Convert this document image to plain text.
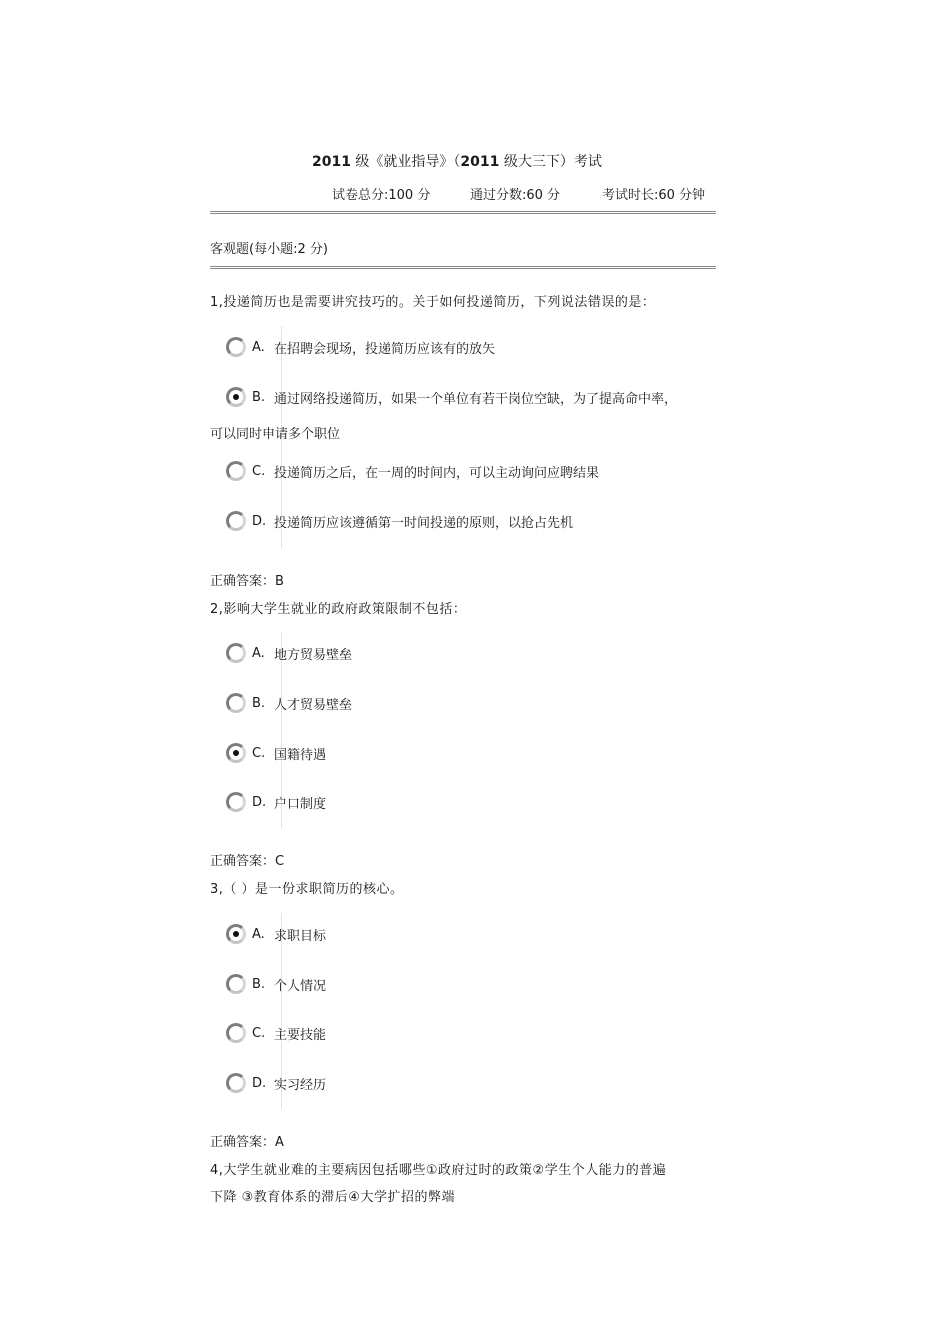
2011 级《就业指导》（2011 级大三下）考试
试卷总分:100 分	通过分数:60 分	考试时长:60 分钟
客观题(每小题:2 分)
1,投递简历也是需要讲究技巧的。关于如何投递简历，下列说法错误的是：
A. 在招聘会现场，投递简历应该有的放矢
B. 通过网络投递简历，如果一个单位有若干岗位空缺，为了提高命中率，
可以同时申请多个职位
C. 投递简历之后，在一周的时间内，可以主动询问应聘结果
D. 投递简历应该遵循第一时间投递的原则，以抢占先机
正确答案：B
2,影响大学生就业的政府政策限制不包括：
A. 地方贸易壁垒
B. 人才贸易壁垒
C. 国籍待遇
D. 户口制度
正确答案：C
3,（ ）是一份求职简历的核心。
A. 求职目标
B. 个人情况
C. 主要技能
D. 实习经历
正确答案：A
4,大学生就业难的主要病因包括哪些①政府过时的政策②学生个人能力的普遍
下降 ③教育体系的滞后④大学扩招的弊端
